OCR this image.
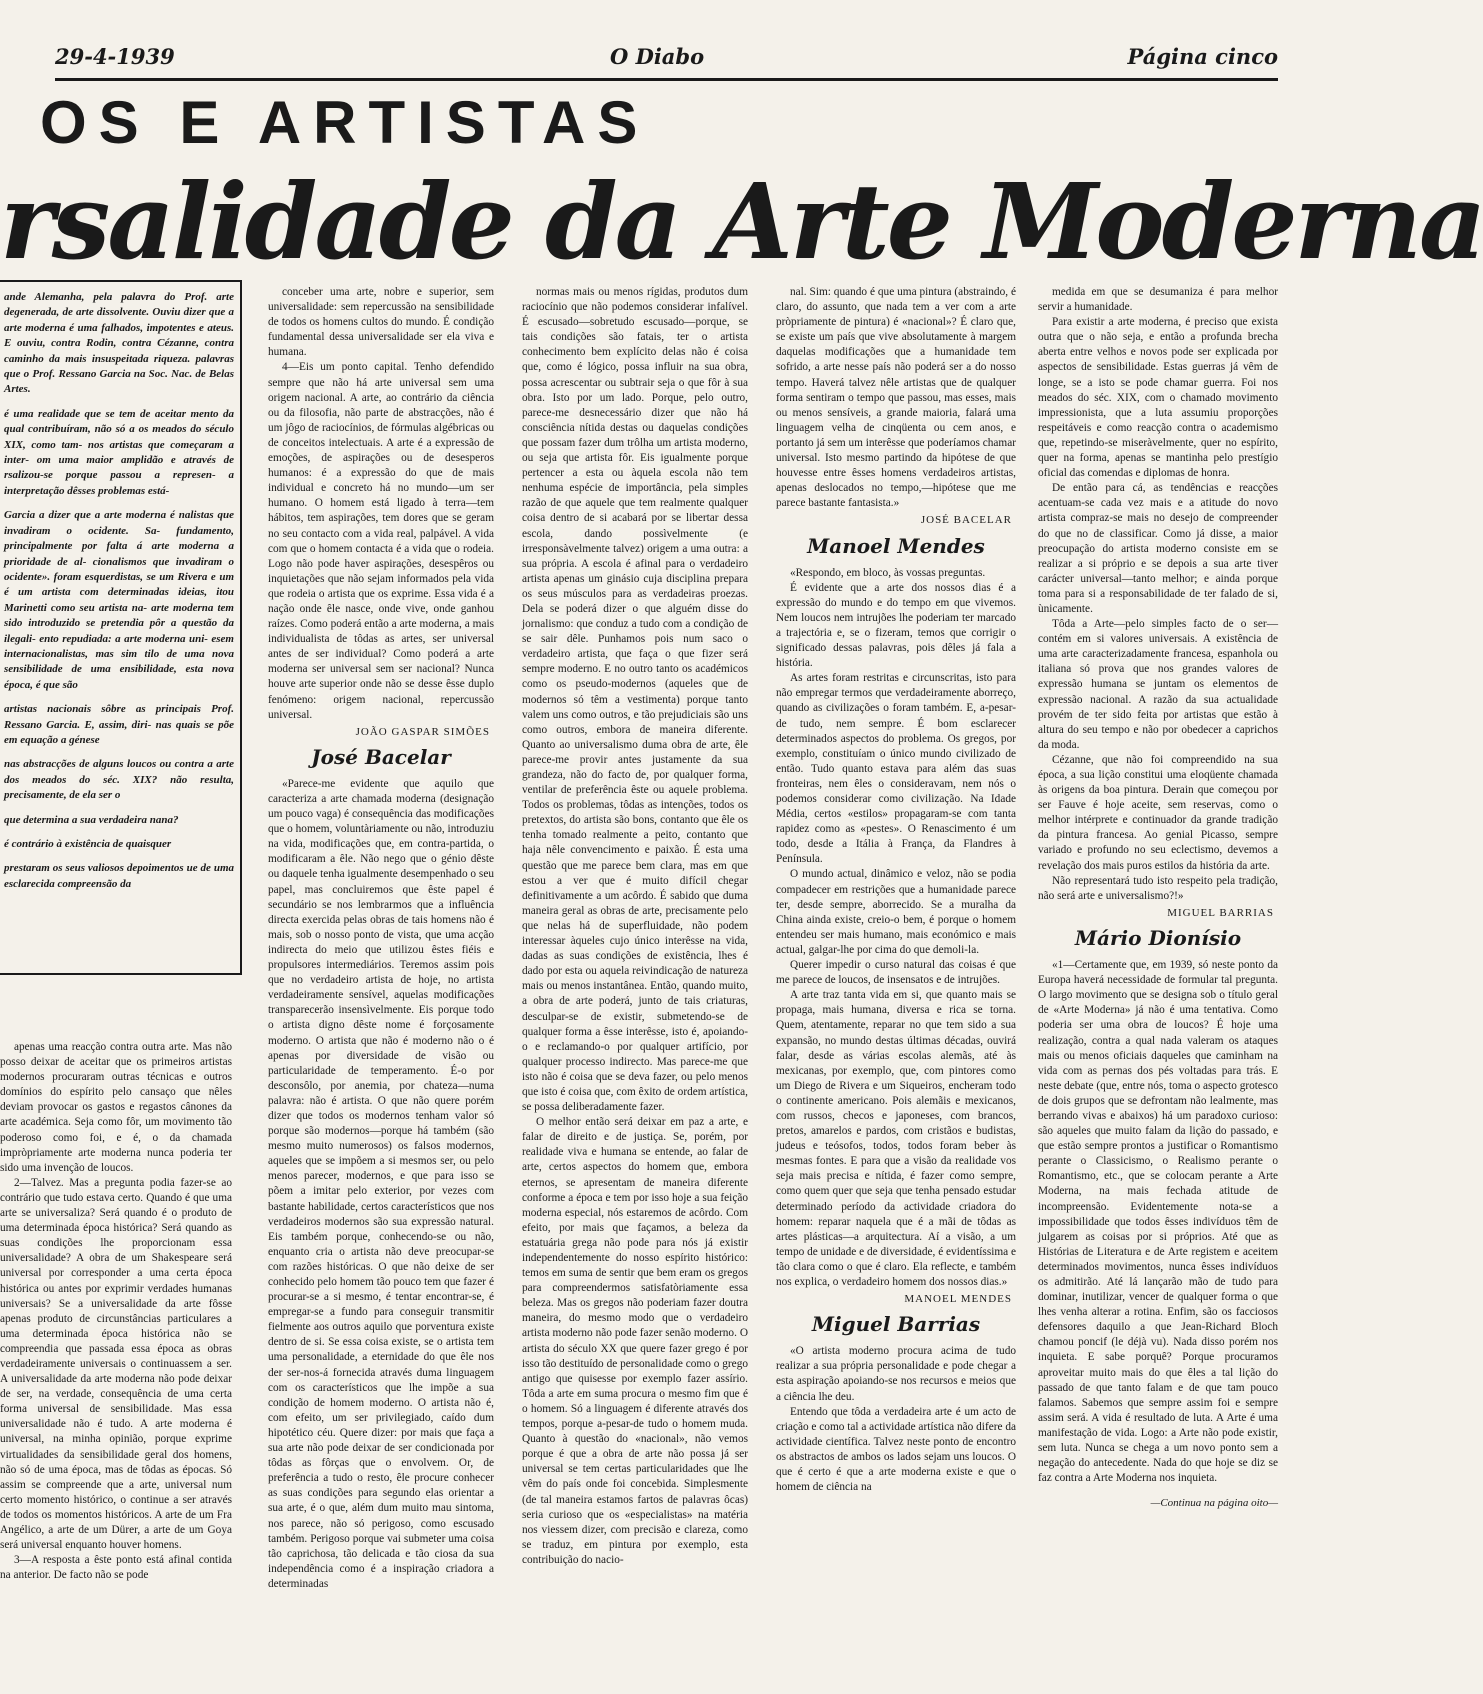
29-4-1939	O Diabo	Página cinco
OS E ARTISTAS
rsalidade da Arte Moderna

ande Alemanha, pela palavra do Prof. arte degenerada, de arte dissolvente. Ouviu dizer que a arte moderna é uma falhados, impotentes e ateus. E ouviu, contra Rodin, contra Cézanne, contra caminho da mais insuspeitada riqueza. palavras que o Prof. Ressano Garcia na Soc. Nac. de Belas Artes.

é uma realidade que se tem de aceitar mento da qual contribuíram, não só a os meados do século XIX, como tam- nos artistas que começaram a inter- om uma maior amplidão e através de rsalizou-se porque passou a represen- a interpretação dêsses problemas está-

Garcia a dizer que a arte moderna é nalistas que invadiram o ocidente. Sa- fundamento, principalmente por falta á arte moderna a prioridade de al- cionalismos que invadiram o ocidente». foram esquerdistas, se um Rivera e um é um artista com determinadas ideias, itou Marinetti como seu artista na- arte moderna tem sido introduzido se pretendia pôr a questão da ilegali- ento repudiada: a arte moderna uni- esem internacionalistas, mas sim tilo de uma nova sensibilidade de uma ensibilidade, esta nova época, é que são

artistas nacionais sôbre as principais Prof. Ressano Garcia. E, assim, diri- nas quais se põe em equação a génese

nas abstracções de alguns loucos ou contra a arte dos meados do séc. XIX? não resulta, precisamente, de ela ser o

que determina a sua verdadeira nana?

é contrário à existência de quaisquer

prestaram os seus valiosos depoimentos ue de uma esclarecida compreensão da

apenas uma reacção contra outra arte. Mas não posso deixar de aceitar que os primeiros artistas modernos procuraram outras técnicas e outros domínios do espírito pelo cansaço que nêles deviam provocar os gastos e regastos cânones da arte académica. Seja como fôr, um movimento tão poderoso como foi, e é, o da chamada impròpriamente arte moderna nunca poderia ter sido uma invenção de loucos.

2—Talvez. Mas a pregunta podia fazer-se ao contrário que tudo estava certo. Quando é que uma arte se universaliza? Será quando é o produto de uma determinada época histórica? Será quando as suas condições lhe proporcionam essa universalidade? A obra de um Shakespeare será universal por corresponder a uma certa época histórica ou antes por exprimir verdades humanas universais? Se a universalidade da arte fôsse apenas produto de circunstâncias particulares a uma determinada época histórica não se compreendia que passada essa época as obras verdadeiramente universais o continuassem a ser. A universalidade da arte moderna não pode deixar de ser, na verdade, consequência de uma certa forma universal de sensibilidade. Mas essa universalidade não é tudo. A arte moderna é universal, na minha opinião, porque exprime virtualidades da sensibilidade geral dos homens, não só de uma época, mas de tôdas as épocas. Só assim se compreende que a arte, universal num certo momento histórico, o continue a ser através de todos os momentos históricos. A arte de um Fra Angélico, a arte de um Dürer, a arte de um Goya será universal enquanto houver homens.

3—A resposta a êste ponto está afinal contida na anterior. De facto não se pode

conceber uma arte, nobre e superior, sem universalidade: sem repercussão na sensibilidade de todos os homens cultos do mundo. É condição fundamental dessa universalidade ser ela viva e humana.

4—Eis um ponto capital. Tenho defendido sempre que não há arte universal sem uma origem nacional. A arte, ao contrário da ciência ou da filosofia, não parte de abstracções, não é um jôgo de raciocínios, de fórmulas algébricas ou de conceitos intelectuais. A arte é a expressão de emoções, de aspirações ou de desesperos humanos: é a expressão do que de mais individual e concreto há no mundo—um ser humano. O homem está ligado à terra—tem hábitos, tem aspirações, tem dores que se geram no seu contacto com a vida real, palpável. A vida com que o homem contacta é a vida que o rodeia. Logo não pode haver aspirações, desespêros ou inquietações que não sejam informados pela vida que rodeia o artista que os exprime. Essa vida é a nação onde êle nasce, onde vive, onde ganhou raízes. Como poderá então a arte moderna, a mais individualista de tôdas as artes, ser universal antes de ser individual? Como poderá a arte moderna ser universal sem ser nacional? Nunca houve arte superior onde não se desse êsse duplo fenómeno: origem nacional, repercussão universal.

JOÃO GASPAR SIMÕES

José Bacelar

«Parece-me evidente que aquilo que caracteriza a arte chamada moderna (designação um pouco vaga) é consequência das modificações que o homem, voluntàriamente ou não, introduziu na vida, modificações que, em contra-partida, o modificaram a êle. Não nego que o génio dêste ou daquele tenha igualmente desempenhado o seu papel, mas concluiremos que êste papel é secundário se nos lembrarmos que a influência directa exercida pelas obras de tais homens não é mais, sob o nosso ponto de vista, que uma acção indirecta do meio que utilizou êstes fiéis e propulsores intermediários. Teremos assim pois que no verdadeiro artista de hoje, no artista verdadeiramente sensível, aquelas modificações transparecerão insensìvelmente. Eis porque todo o artista digno dêste nome é forçosamente moderno. O artista que não é moderno não o é apenas por diversidade de visão ou particularidade de temperamento. É-o por desconsôlo, por anemia, por chateza—numa palavra: não é artista. O que não quere porém dizer que todos os modernos tenham valor só porque são modernos—porque há também (são mesmo muito numerosos) os falsos modernos, aqueles que se impõem a si mesmos ser, ou pelo menos parecer, modernos, e que para isso se põem a imitar pelo exterior, por vezes com bastante habilidade, certos característicos que nos verdadeiros modernos são sua expressão natural. Eis também porque, conhecendo-se ou não, enquanto cria o artista não deve preocupar-se com razões históricas. O que não deixe de ser conhecido pelo homem tão pouco tem que fazer é procurar-se a si mesmo, é tentar encontrar-se, é empregar-se a fundo para conseguir transmitir fielmente aos outros aquilo que porventura existe dentro de si. Se essa coisa existe, se o artista tem uma personalidade, a eternidade do que êle nos der ser-nos-á fornecida através duma linguagem com os característicos que lhe impõe a sua condição de homem moderno. O artista não é, com efeito, um ser privilegiado, caído dum hipotético céu. Quere dizer: por mais que faça a sua arte não pode deixar de ser condicionada por tôdas as fôrças que o envolvem. Or, de preferência a tudo o resto, êle procure conhecer as suas condições para segundo elas orientar a sua arte, é o que, além dum muito mau sintoma, nos parece, não só perigoso, como escusado também. Perigoso porque vai submeter uma coisa tão caprichosa, tão delicada e tão ciosa da sua independência como é a inspiração criadora a determinadas

normas mais ou menos rígidas, produtos dum raciocínio que não podemos considerar infalível. É escusado—sobretudo escusado—porque, se tais condições são fatais, ter o artista conhecimento bem explícito delas não é coisa que, como é lógico, possa influir na sua obra, possa acrescentar ou subtrair seja o que fôr à sua obra. Isto por um lado. Porque, pelo outro, parece-me desnecessário dizer que não há consciência nítida destas ou daquelas condições que possam fazer dum trôlha um artista moderno, ou seja que artista fôr. Eis igualmente porque pertencer a esta ou àquela escola não tem nenhuma espécie de importância, pela simples razão de que aquele que tem realmente qualquer coisa dentro de si acabará por se libertar dessa escola, dando possìvelmente (e irresponsàvelmente talvez) origem a uma outra: a sua própria. A escola é afinal para o verdadeiro artista apenas um ginásio cuja disciplina prepara os seus músculos para as verdadeiras proezas. Dela se poderá dizer o que alguém disse do jornalismo: que conduz a tudo com a condição de se sair dêle. Punhamos pois num saco o verdadeiro artista, que faça o que fizer será sempre moderno. E no outro tanto os académicos como os pseudo-modernos (aqueles que de modernos só têm a vestimenta) porque tanto valem uns como outros, e tão prejudiciais são uns como outros, embora de maneira diferente. Quanto ao universalismo duma obra de arte, êle parece-me provir antes justamente da sua grandeza, não do facto de, por qualquer forma, ventilar de preferência êste ou aquele problema. Todos os problemas, tôdas as intenções, todos os pretextos, do artista são bons, contanto que êle os tenha tomado realmente a peito, contanto que haja nêle convencimento e paixão. É esta uma questão que me parece bem clara, mas em que estou a ver que é muito difícil chegar definitivamente a um acôrdo. É sabido que duma maneira geral as obras de arte, precisamente pelo que nelas há de superfluidade, não podem interessar àqueles cujo único interêsse na vida, dadas as suas condições de existência, lhes é dado por esta ou aquela reivindicação de natureza mais ou menos instantânea. Então, quando muito, a obra de arte poderá, junto de tais criaturas, desculpar-se de existir, submetendo-se de qualquer forma a êsse interêsse, isto é, apoiando-o e reclamando-o por qualquer artifício, por qualquer processo indirecto. Mas parece-me que isto não é coisa que se deva fazer, ou pelo menos que isto é coisa que, com êxito de ordem artística, se possa deliberadamente fazer.

O melhor então será deixar em paz a arte, e falar de direito e de justiça. Se, porém, por realidade viva e humana se entende, ao falar de arte, certos aspectos do homem que, embora eternos, se apresentam de maneira diferente conforme a época e tem por isso hoje a sua feição moderna especial, nós estaremos de acôrdo. Com efeito, por mais que façamos, a beleza da estatuária grega não pode para nós já existir independentemente do nosso espírito histórico: temos em suma de sentir que bem eram os gregos para compreendermos satisfatòriamente essa beleza. Mas os gregos não poderiam fazer doutra maneira, do mesmo modo que o verdadeiro artista moderno não pode fazer senão moderno. O artista do século XX que quere fazer grego é por isso tão destituído de personalidade como o grego antigo que quisesse por exemplo fazer assírio. Tôda a arte em suma procura o mesmo fim que é o homem. Só a linguagem é diferente através dos tempos, porque a-pesar-de tudo o homem muda. Quanto à questão do «nacional», não vemos porque é que a obra de arte não possa já ser universal se tem certas particularidades que lhe vêm do país onde foi concebida. Simplesmente (de tal maneira estamos fartos de palavras ôcas) seria curioso que os «especialistas» na matéria nos viessem dizer, com precisão e clareza, como se traduz, em pintura por exemplo, esta contribuição do nacio-

nal. Sim: quando é que uma pintura (abstraindo, é claro, do assunto, que nada tem a ver com a arte pròpriamente de pintura) é «nacional»? É claro que, se existe um país que vive absolutamente à margem daquelas modificações que a humanidade tem sofrido, a arte nesse país não poderá ser a do nosso tempo. Haverá talvez nêle artistas que de qualquer forma sentiram o tempo que passou, mas esses, mais ou menos sensíveis, a grande maioria, falará uma linguagem velha de cinqüenta ou cem anos, e portanto já sem um interêsse que poderíamos chamar universal. Isto mesmo partindo da hipótese de que houvesse entre êsses homens verdadeiros artistas, apenas deslocados no tempo,—hipótese que me parece bastante fantasista.»

JOSÉ BACELAR

Manoel Mendes

«Respondo, em bloco, às vossas preguntas.

É evidente que a arte dos nossos dias é a expressão do mundo e do tempo em que vivemos. Nem loucos nem intrujões lhe poderiam ter marcado a trajectória e, se o fizeram, temos que corrigir o significado dessas palavras, pois dêles já fala a história.

As artes foram restritas e circunscritas, isto para não empregar termos que verdadeiramente aborreço, quando as civilizações o foram também. E, a-pesar-de tudo, nem sempre. É bom esclarecer determinados aspectos do problema. Os gregos, por exemplo, constituíam o único mundo civilizado de então. Tudo quanto estava para além das suas fronteiras, nem êles o consideravam, nem nós o podemos considerar como civilização. Na Idade Média, certos «estilos» propagaram-se com tanta rapidez como as «pestes». O Renascimento é um todo, desde a Itália à França, da Flandres à Península.

O mundo actual, dinâmico e veloz, não se podia compadecer em restrições que a humanidade parece ter, desde sempre, aborrecido. Se a muralha da China ainda existe, creio-o bem, é porque o homem entendeu ser mais humano, mais económico e mais actual, galgar-lhe por cima do que demoli-la.

Querer impedir o curso natural das coisas é que me parece de loucos, de insensatos e de intrujões.

A arte traz tanta vida em si, que quanto mais se propaga, mais humana, diversa e rica se torna. Quem, atentamente, reparar no que tem sido a sua expansão, no mundo destas últimas décadas, ouvirá falar, desde as várias escolas alemãs, até às mexicanas, por exemplo, que, com pintores como um Diego de Rivera e um Siqueiros, encheram todo o continente americano. Pois alemãis e mexicanos, com russos, checos e japoneses, com brancos, pretos, amarelos e pardos, com cristãos e budistas, judeus e teósofos, todos, todos foram beber às mesmas fontes. E para que a visão da realidade vos seja mais precisa e nítida, é fazer como sempre, como quem quer que seja que tenha pensado estudar determinado período da actividade criadora do homem: reparar naquela que é a mãi de tôdas as artes plásticas—a arquitectura. Aí a visão, a um tempo de unidade e de diversidade, é evidentíssima e tão clara como o que é claro. Ela reflecte, e também nos explica, o verdadeiro homem dos nossos dias.»

MANOEL MENDES

Miguel Barrias

«O artista moderno procura acima de tudo realizar a sua própria personalidade e pode chegar a esta aspiração apoiando-se nos recursos e meios que a ciência lhe deu.

Entendo que tôda a verdadeira arte é um acto de criação e como tal a actividade artística não difere da actividade científica. Talvez neste ponto de encontro os abstractos de ambos os lados sejam uns loucos. O que é certo é que a arte moderna existe e que o homem de ciência na

medida em que se desumaniza é para melhor servir a humanidade.

Para existir a arte moderna, é preciso que exista outra que o não seja, e então a profunda brecha aberta entre velhos e novos pode ser explicada por aspectos de sensibilidade. Estas guerras já vêm de longe, se a isto se pode chamar guerra. Foi nos meados do séc. XIX, com o chamado movimento impressionista, que a luta assumiu proporções respeitáveis e como reacção contra o academismo que, repetindo-se miseràvelmente, quer no espírito, quer na forma, apenas se mantinha pelo prestígio oficial das comendas e diplomas de honra.

De então para cá, as tendências e reacções acentuam-se cada vez mais e a atitude do novo artista compraz-se mais no desejo de compreender do que no de classificar. Como já disse, a maior preocupação do artista moderno consiste em se realizar a si próprio e se depois a sua arte tiver carácter universal—tanto melhor; e ainda porque toma para si a responsabilidade de ter falado de si, ùnicamente.

Tôda a Arte—pelo simples facto de o ser—contém em si valores universais. A existência de uma arte caracterizadamente francesa, espanhola ou italiana só prova que nos grandes valores de expressão humana se juntam os elementos de expressão nacional. A razão da sua actualidade provém de ter sido feita por artistas que estão à altura do seu tempo e não por obedecer a caprichos da moda.

Cézanne, que não foi compreendido na sua época, a sua lição constitui uma eloqüente chamada às origens da boa pintura. Derain que começou por ser Fauve é hoje aceite, sem reservas, como o melhor intérprete e continuador da grande tradição da pintura francesa. Ao genial Picasso, sempre variado e profundo no seu eclectismo, devemos a revelação dos mais puros estilos da história da arte.

Não representará tudo isto respeito pela tradição, não será arte e universalismo?!»

MIGUEL BARRIAS

Mário Dionísio

«1—Certamente que, em 1939, só neste ponto da Europa haverá necessidade de formular tal pregunta. O largo movimento que se designa sob o título geral de «Arte Moderna» já não é uma tentativa. Como poderia ser uma obra de loucos? É hoje uma realização, contra a qual nada valeram os ataques mais ou menos oficiais daqueles que caminham na vida com as pernas dos pés voltadas para trás. E neste debate (que, entre nós, toma o aspecto grotesco de dois grupos que se defrontam não lealmente, mas berrando vivas e abaixos) há um paradoxo curioso: são aqueles que muito falam da lição do passado, e que estão sempre prontos a justificar o Romantismo perante o Classicismo, o Realismo perante o Romantismo, etc., que se colocam perante a Arte Moderna, na mais fechada atitude de incompreensão. Evidentemente nota-se a impossibilidade que todos êsses indivíduos têm de julgarem as coisas por si próprios. Até que as Histórias de Literatura e de Arte registem e aceitem determinados movimentos, nunca êsses indivíduos os admitirão. Até lá lançarão mão de tudo para dominar, inutilizar, vencer de qualquer forma o que lhes venha alterar a rotina. Enfim, são os facciosos defensores daquilo a que Jean-Richard Bloch chamou poncif (le déjà vu). Nada disso porém nos inquieta. E sabe porquê? Porque procuramos aproveitar muito mais do que êles a tal lição do passado de que tanto falam e de que tam pouco falamos. Sabemos que sempre assim foi e sempre assim será. A vida é resultado de luta. A Arte é uma manifestação de vida. Logo: a Arte não pode existir, sem luta. Nunca se chega a um novo ponto sem a negação do antecedente. Nada do que hoje se diz se faz contra a Arte Moderna nos inquieta.

—Continua na página oito—
